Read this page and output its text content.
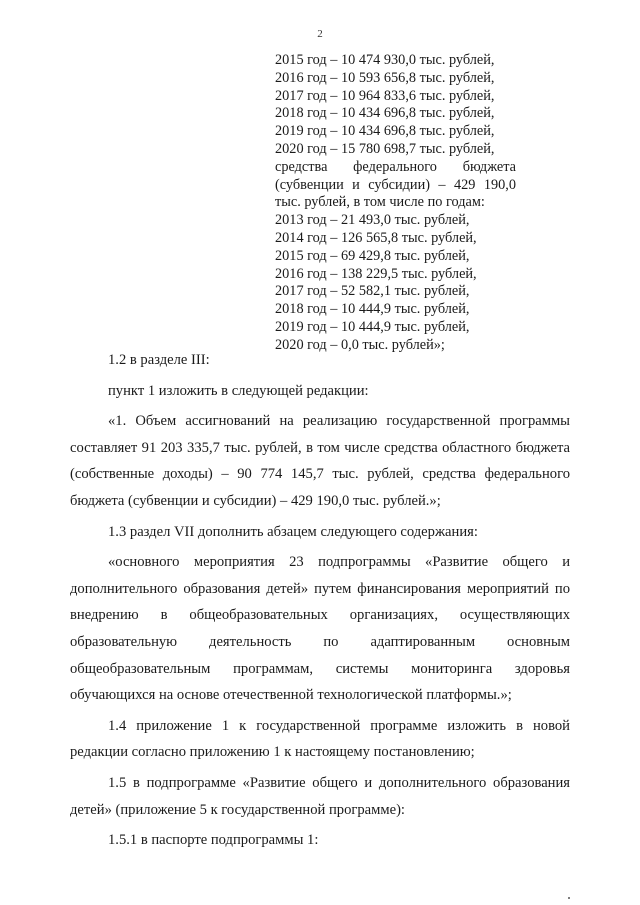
2
2015 год – 10 474 930,0 тыс. рублей,
2016 год – 10 593 656,8 тыс. рублей,
2017 год – 10 964 833,6 тыс. рублей,
2018 год – 10 434 696,8 тыс. рублей,
2019 год – 10 434 696,8 тыс. рублей,
2020 год – 15 780 698,7 тыс. рублей,
средства федерального бюджета (субвенции и субсидии) – 429 190,0 тыс. рублей, в том числе по годам:
2013 год – 21 493,0 тыс. рублей,
2014 год – 126 565,8 тыс. рублей,
2015 год – 69 429,8 тыс. рублей,
2016 год – 138 229,5 тыс. рублей,
2017 год – 52 582,1 тыс. рублей,
2018 год – 10 444,9 тыс. рублей,
2019 год – 10 444,9 тыс. рублей,
2020 год – 0,0 тыс. рублей»;

1.2 в разделе III:

пункт 1 изложить в следующей редакции:

«1. Объем ассигнований на реализацию государственной программы составляет 91 203 335,7 тыс. рублей, в том числе средства областного бюджета (собственные доходы) – 90 774 145,7 тыс. рублей, средства федерального бюджета (субвенции и субсидии) – 429 190,0 тыс. рублей.»;

1.3 раздел VII дополнить абзацем следующего содержания:

«основного мероприятия 23 подпрограммы «Развитие общего и дополнительного образования детей» путем финансирования мероприятий по внедрению в общеобразовательных организациях, осуществляющих образовательную деятельность по адаптированным основным общеобразовательным программам, системы мониторинга здоровья обучающихся на основе отечественной технологической платформы.»;

1.4 приложение 1 к государственной программе изложить в новой редакции согласно приложению 1 к настоящему постановлению;

1.5 в подпрограмме «Развитие общего и дополнительного образования детей» (приложение 5 к государственной программе):

1.5.1 в паспорте подпрограммы 1:
